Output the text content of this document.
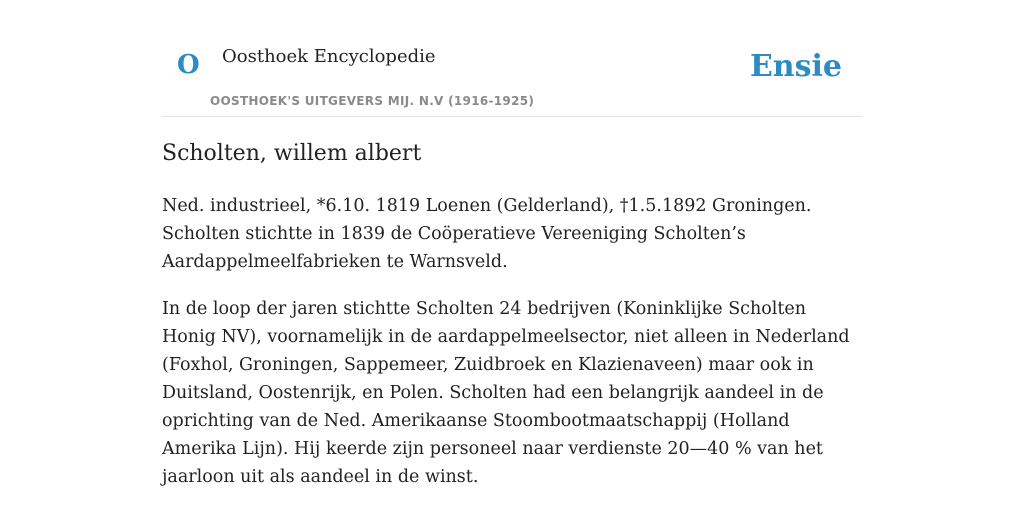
O Oosthoek Encyclopedie
OOSTHOEK'S UITGEVERS MIJ. N.V (1916-1925)
Ensie
Scholten, willem albert

Ned. industrieel, *6.10. 1819 Loenen (Gelderland), †1.5.1892 Groningen. Scholten stichtte in 1839 de Coöperatieve Vereeniging Scholten’s Aardappelmeelfabrieken te Warnsveld.

In de loop der jaren stichtte Scholten 24 bedrijven (Koninklijke Scholten Honig NV), voornamelijk in de aardappelmeelsector, niet alleen in Nederland (Foxhol, Groningen, Sappemeer, Zuidbroek en Klazienaveen) maar ook in Duitsland, Oostenrijk, en Polen. Scholten had een belangrijk aandeel in de oprichting van de Ned. Amerikaanse Stoombootmaatschappij (Holland Amerika Lijn). Hij keerde zijn personeel naar verdienste 20—40 % van het jaarloon uit als aandeel in de winst.
